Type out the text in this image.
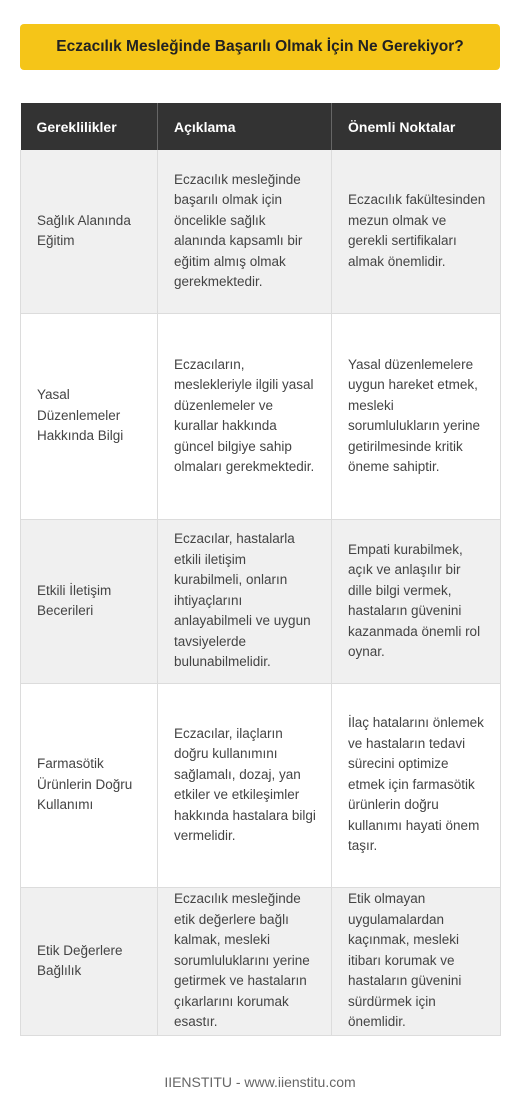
Eczacılık Mesleğinde Başarılı Olmak İçin Ne Gerekiyor?
Gereklilikler	Açıklama	Önemli Noktalar
Sağlık Alanında Eğitim	Eczacılık mesleğinde başarılı olmak için öncelikle sağlık alanında kapsamlı bir eğitim almış olmak gerekmektedir.	Eczacılık fakültesinden mezun olmak ve gerekli sertifikaları almak önemlidir.
Yasal Düzenlemeler Hakkında Bilgi	Eczacıların, meslekleriyle ilgili yasal düzenlemeler ve kurallar hakkında güncel bilgiye sahip olmaları gerekmektedir.	Yasal düzenlemelere uygun hareket etmek, mesleki sorumlulukların yerine getirilmesinde kritik öneme sahiptir.
Etkili İletişim Becerileri	Eczacılar, hastalarla etkili iletişim kurabilmeli, onların ihtiyaçlarını anlayabilmeli ve uygun tavsiyelerde bulunabilmelidir.	Empati kurabilmek, açık ve anlaşılır bir dille bilgi vermek, hastaların güvenini kazanmada önemli rol oynar.
Farmasötik Ürünlerin Doğru Kullanımı	Eczacılar, ilaçların doğru kullanımını sağlamalı, dozaj, yan etkiler ve etkileşimler hakkında hastalara bilgi vermelidir.	İlaç hatalarını önlemek ve hastaların tedavi sürecini optimize etmek için farmasötik ürünlerin doğru kullanımı hayati önem taşır.
Etik Değerlere Bağlılık	Eczacılık mesleğinde etik değerlere bağlı kalmak, mesleki sorumluluklarını yerine getirmek ve hastaların çıkarlarını korumak esastır.	Etik olmayan uygulamalardan kaçınmak, mesleki itibarı korumak ve hastaların güvenini sürdürmek için önemlidir.
IIENSTITU - www.iienstitu.com
